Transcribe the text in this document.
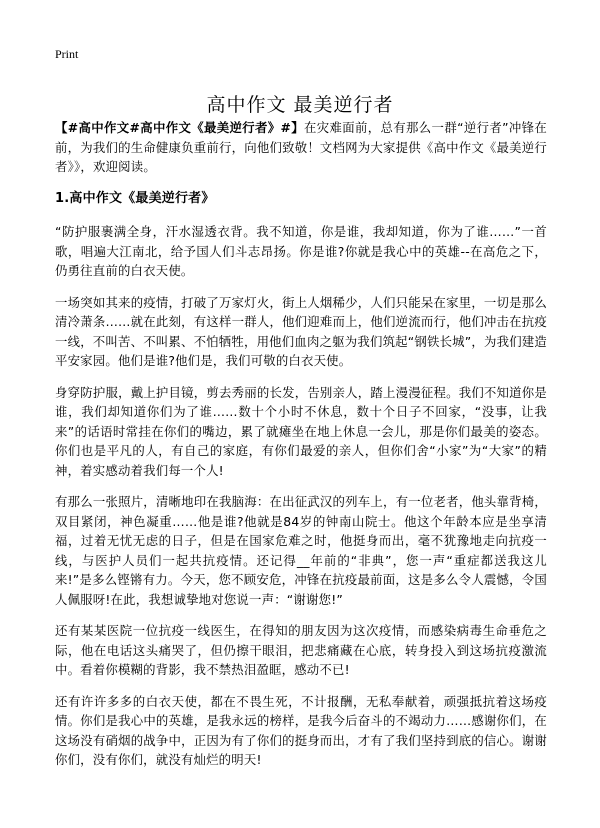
Print
高中作文 最美逆行者

【#高中作文#高中作文《最美逆行者》#】在灾难面前，总有那么一群“逆行者”冲锋在前，为我们的生命健康负重前行，向他们致敬！文档网为大家提供《高中作文《最美逆行者》》，欢迎阅读。

1.高中作文《最美逆行者》

“防护服裹满全身，汗水湿透衣背。我不知道，你是谁，我却知道，你为了谁……”一首歌，唱遍大江南北，给予国人们斗志昂扬。你是谁?你就是我心中的英雄--在高危之下，仍勇往直前的白衣天使。

一场突如其来的疫情，打破了万家灯火，街上人烟稀少，人们只能呆在家里，一切是那么清冷萧条……就在此刻，有这样一群人，他们迎难而上，他们逆流而行，他们冲击在抗疫一线，不叫苦、不叫累、不怕牺牲，用他们血肉之躯为我们筑起“钢铁长城”，为我们建造平安家园。他们是谁?他们是，我们可敬的白衣天使。

身穿防护服，戴上护目镜，剪去秀丽的长发，告别亲人，踏上漫漫征程。我们不知道你是谁，我们却知道你们为了谁……数十个小时不休息，数十个日子不回家，“没事，让我来”的话语时常挂在你们的嘴边，累了就瘫坐在地上休息一会儿，那是你们最美的姿态。你们也是平凡的人，有自己的家庭，有你们最爱的亲人，但你们舍“小家”为“大家”的精神，着实感动着我们每一个人!

有那么一张照片，清晰地印在我脑海：在出征武汉的列车上，有一位老者，他头靠背椅，双目紧闭，神色凝重……他是谁?他就是84岁的钟南山院士。他这个年龄本应是坐享清福，过着无忧无虑的日子，但是在国家危难之时，他挺身而出，毫不犹豫地走向抗疫一线，与医护人员们一起共抗疫情。还记得__年前的“非典”，您一声“重症都送我这儿来!”是多么铿锵有力。今天，您不顾安危，冲锋在抗疫最前面，这是多么令人震憾，令国人佩服呀!在此，我想诚挚地对您说一声：“谢谢您!”

还有某某医院一位抗疫一线医生，在得知的朋友因为这次疫情，而感染病毒生命垂危之际，他在电话这头痛哭了，但仍擦干眼泪，把悲痛藏在心底，转身投入到这场抗疫激流中。看着你模糊的背影，我不禁热泪盈眶，感动不已!

还有许许多多的白衣天使，都在不畏生死，不计报酬，无私奉献着，顽强抵抗着这场疫情。你们是我心中的英雄，是我永远的榜样，是我今后奋斗的不竭动力……感谢你们，在这场没有硝烟的战争中，正因为有了你们的挺身而出，才有了我们坚持到底的信心。谢谢你们，没有你们，就没有灿烂的明天!
